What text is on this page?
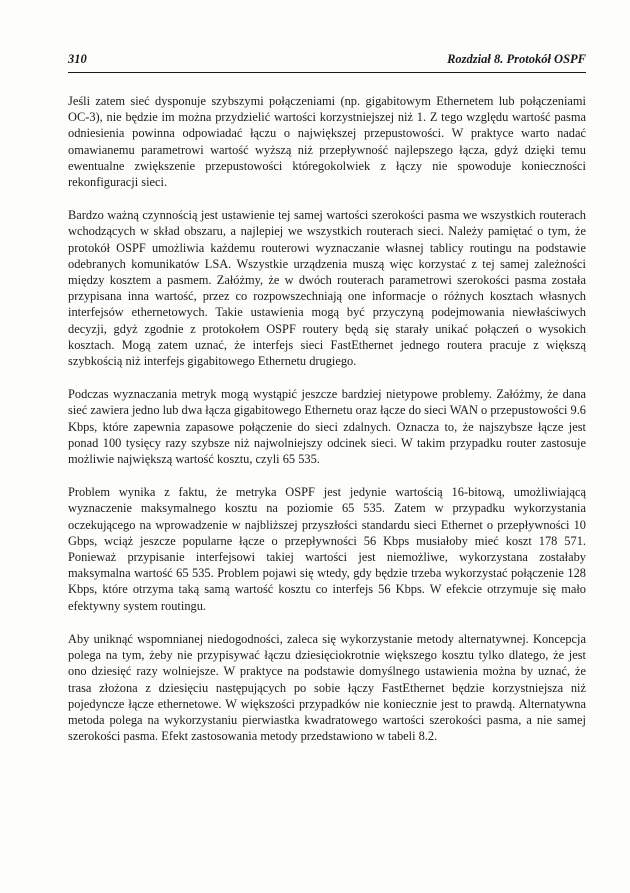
310	Rozdział 8. Protokół OSPF

Jeśli zatem sieć dysponuje szybszymi połączeniami (np. gigabitowym Ethernetem lub połączeniami OC-3), nie będzie im można przydzielić wartości korzystniejszej niż 1. Z tego względu wartość pasma odniesienia powinna odpowiadać łączu o największej przepustowości. W praktyce warto nadać omawianemu parametrowi wartość wyższą niż przepływność najlepszego łącza, gdyż dzięki temu ewentualne zwiększenie przepustowości któregokolwiek z łączy nie spowoduje konieczności rekonfiguracji sieci.

Bardzo ważną czynnością jest ustawienie tej samej wartości szerokości pasma we wszystkich routerach wchodzących w skład obszaru, a najlepiej we wszystkich routerach sieci. Należy pamiętać o tym, że protokół OSPF umożliwia każdemu routerowi wyznaczanie własnej tablicy routingu na podstawie odebranych komunikatów LSA. Wszystkie urządzenia muszą więc korzystać z tej samej zależności między kosztem a pasmem. Załóżmy, że w dwóch routerach parametrowi szerokości pasma została przypisana inna wartość, przez co rozpowszechniają one informacje o różnych kosztach własnych interfejsów ethernetowych. Takie ustawienia mogą być przyczyną podejmowania niewłaściwych decyzji, gdyż zgodnie z protokołem OSPF routery będą się starały unikać połączeń o wysokich kosztach. Mogą zatem uznać, że interfejs sieci FastEthernet jednego routera pracuje z większą szybkością niż interfejs gigabitowego Ethernetu drugiego.

Podczas wyznaczania metryk mogą wystąpić jeszcze bardziej nietypowe problemy. Załóżmy, że dana sieć zawiera jedno lub dwa łącza gigabitowego Ethernetu oraz łącze do sieci WAN o przepustowości 9.6 Kbps, które zapewnia zapasowe połączenie do sieci zdalnych. Oznacza to, że najszybsze łącze jest ponad 100 tysięcy razy szybsze niż najwolniejszy odcinek sieci. W takim przypadku router zastosuje możliwie największą wartość kosztu, czyli 65 535.

Problem wynika z faktu, że metryka OSPF jest jedynie wartością 16-bitową, umożliwiającą wyznaczenie maksymalnego kosztu na poziomie 65 535. Zatem w przypadku wykorzystania oczekującego na wprowadzenie w najbliższej przyszłości standardu sieci Ethernet o przepływności 10 Gbps, wciąż jeszcze popularne łącze o przepływności 56 Kbps musiałoby mieć koszt 178 571. Ponieważ przypisanie interfejsowi takiej wartości jest niemożliwe, wykorzystana zostałaby maksymalna wartość 65 535. Problem pojawi się wtedy, gdy będzie trzeba wykorzystać połączenie 128 Kbps, które otrzyma taką samą wartość kosztu co interfejs 56 Kbps. W efekcie otrzymuje się mało efektywny system routingu.

Aby uniknąć wspomnianej niedogodności, zaleca się wykorzystanie metody alternatywnej. Koncepcja polega na tym, żeby nie przypisywać łączu dziesięciokrotnie większego kosztu tylko dlatego, że jest ono dziesięć razy wolniejsze. W praktyce na podstawie domyślnego ustawienia można by uznać, że trasa złożona z dziesięciu następujących po sobie łączy FastEthernet będzie korzystniejsza niż pojedyncze łącze ethernetowe. W większości przypadków nie koniecznie jest to prawdą. Alternatywna metoda polega na wykorzystaniu pierwiastka kwadratowego wartości szerokości pasma, a nie samej szerokości pasma. Efekt zastosowania metody przedstawiono w tabeli 8.2.
